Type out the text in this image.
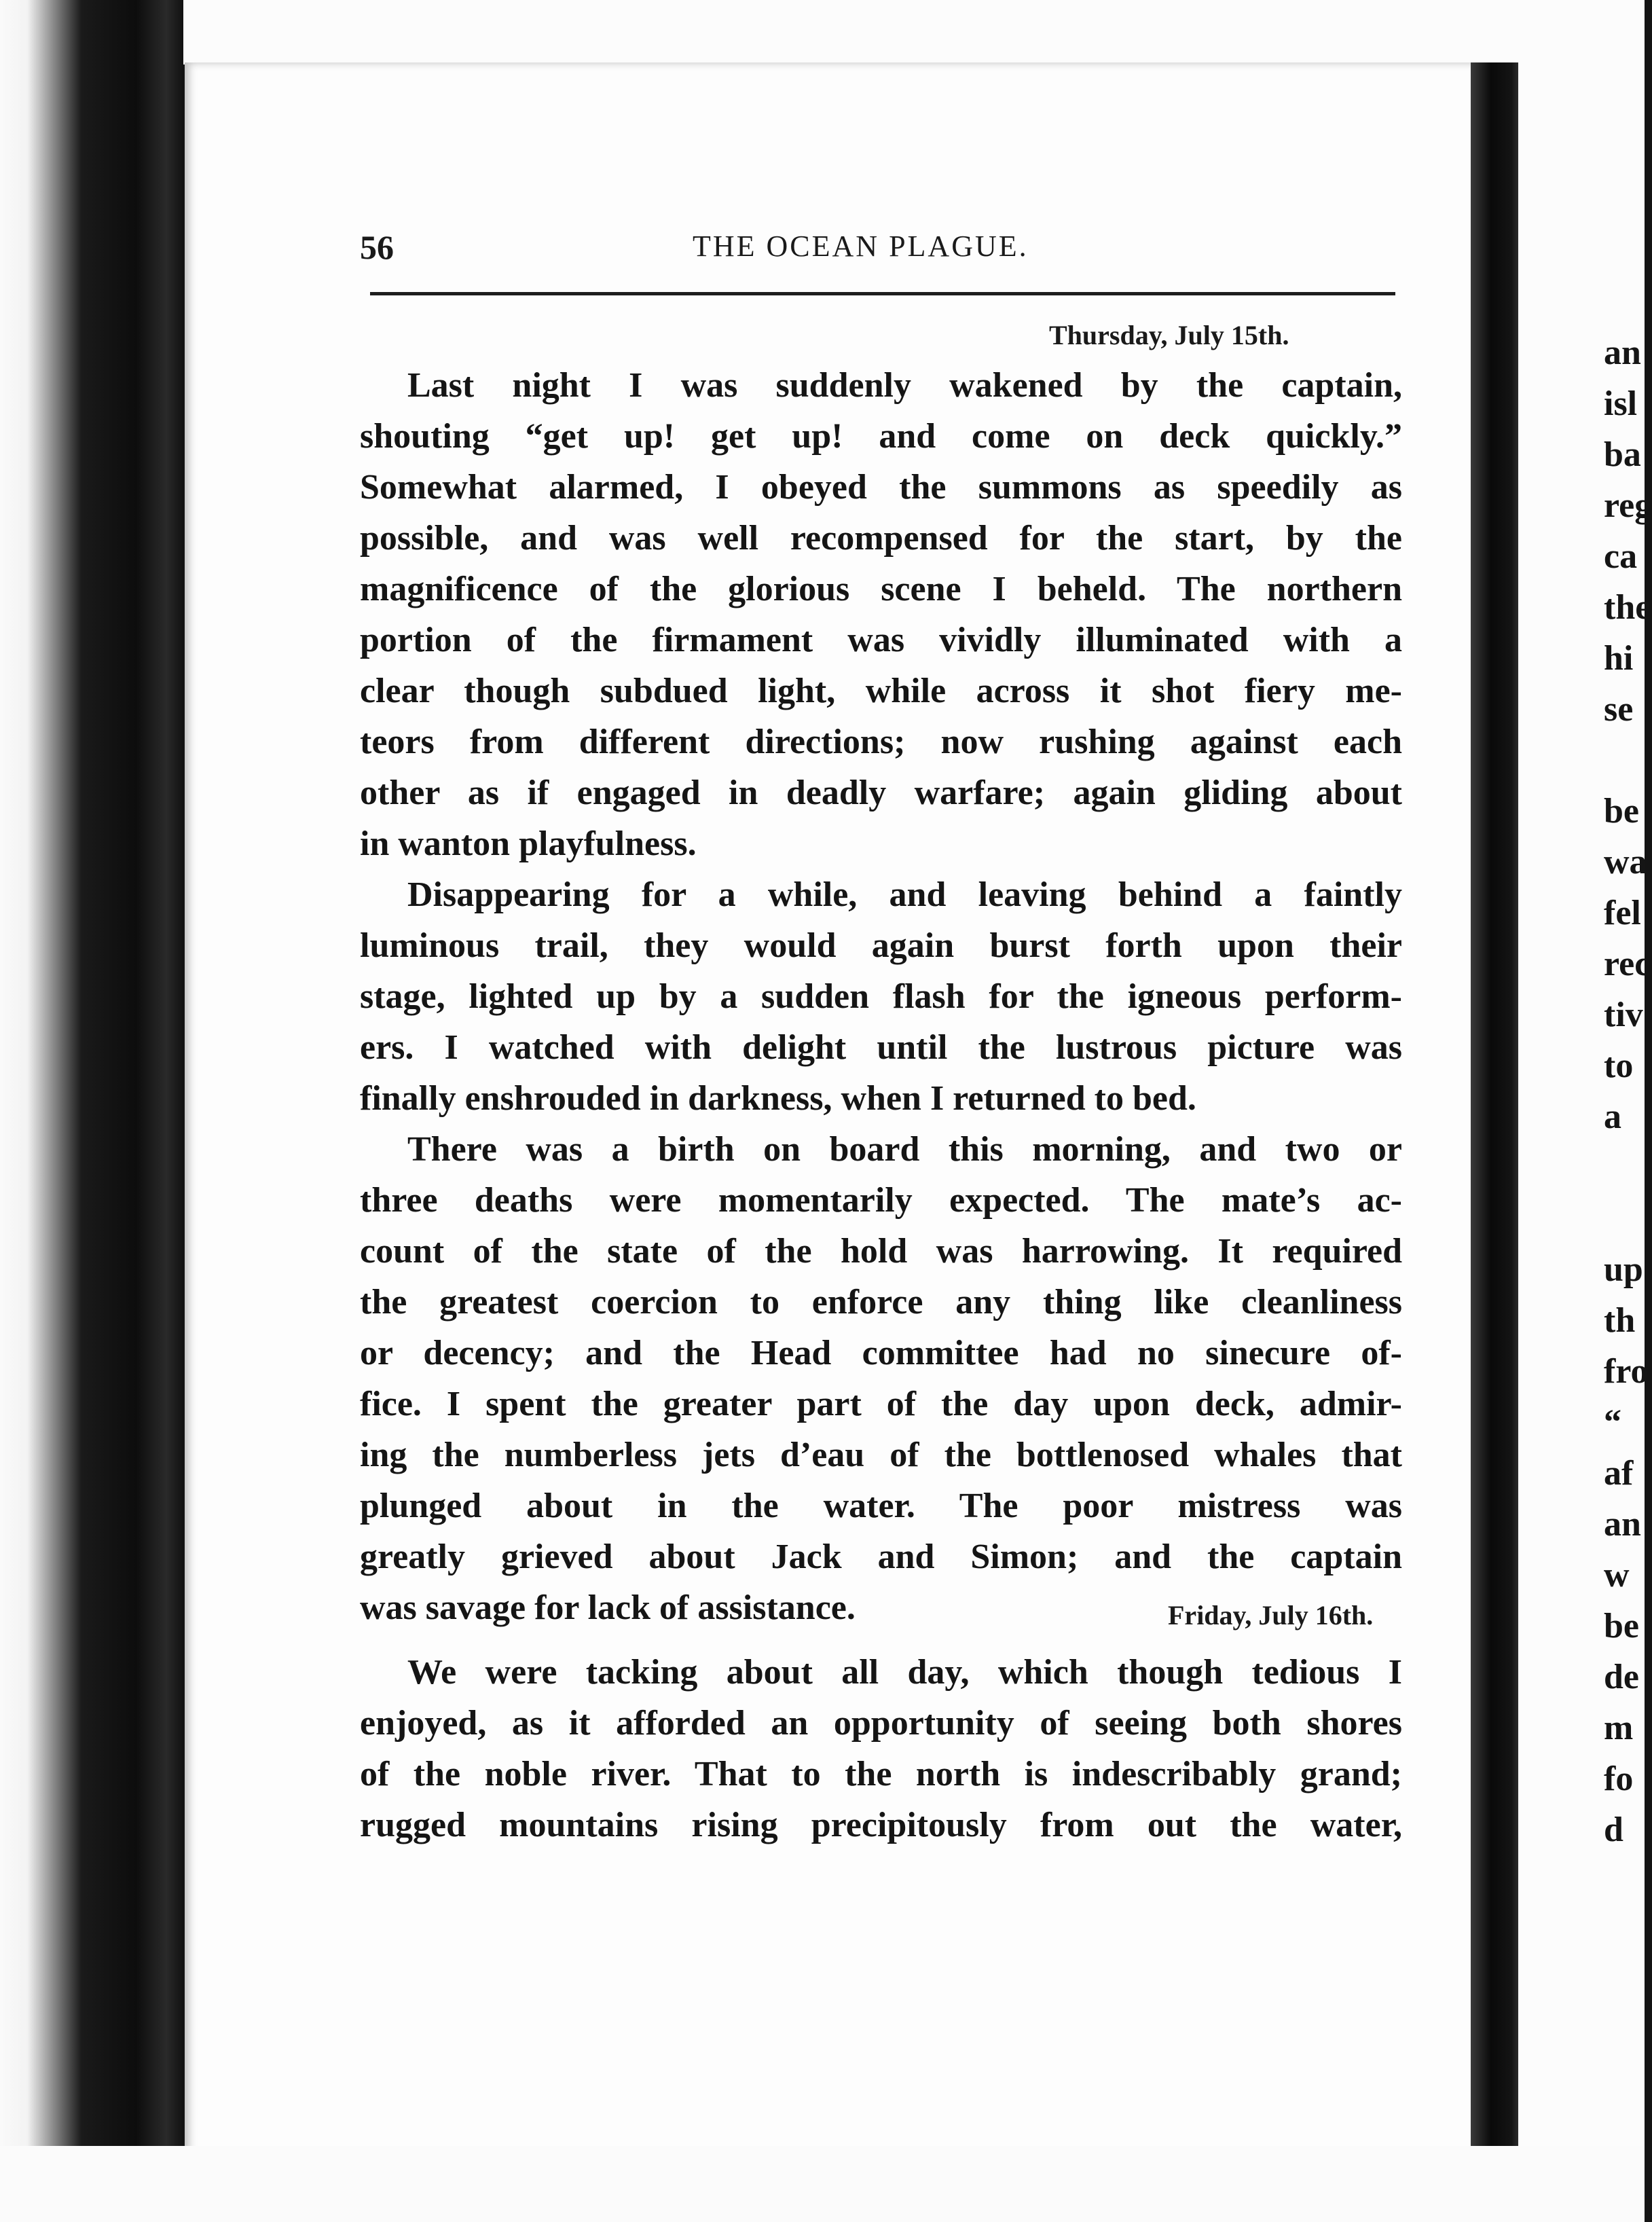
56	THE OCEAN PLAGUE.
Thursday, July 15th.
Last night I was suddenly wakened by the captain,
shouting “get up! get up! and come on deck quickly.”
Somewhat alarmed, I obeyed the summons as speedily as
possible, and was well recompensed for the start, by the
magnificence of the glorious scene I beheld. The northern
portion of the firmament was vividly illuminated with a
clear though subdued light, while across it shot fiery me-
teors from different directions; now rushing against each
other as if engaged in deadly warfare; again gliding about
in wanton playfulness.
Disappearing for a while, and leaving behind a faintly
luminous trail, they would again burst forth upon their
stage, lighted up by a sudden flash for the igneous perform-
ers. I watched with delight until the lustrous picture was
finally enshrouded in darkness, when I returned to bed.
There was a birth on board this morning, and two or
three deaths were momentarily expected. The mate’s ac-
count of the state of the hold was harrowing. It required
the greatest coercion to enforce any thing like cleanliness
or decency; and the Head committee had no sinecure of-
fice. I spent the greater part of the day upon deck, admir-
ing the numberless jets d’eau of the bottlenosed whales that
plunged about in the water. The poor mistress was
greatly grieved about Jack and Simon; and the captain
was savage for lack of assistance.	Friday, July 16th.
We were tacking about all day, which though tedious I
enjoyed, as it afforded an opportunity of seeing both shores
of the noble river. That to the north is indescribably grand;
rugged mountains rising precipitously from out the water,
an
isl
ba
reg
ca
the
hi
se
be
wa
fel
rec
tiv
to
a
up
th
fro
“
af
an
w
be
de
m
fo
d
